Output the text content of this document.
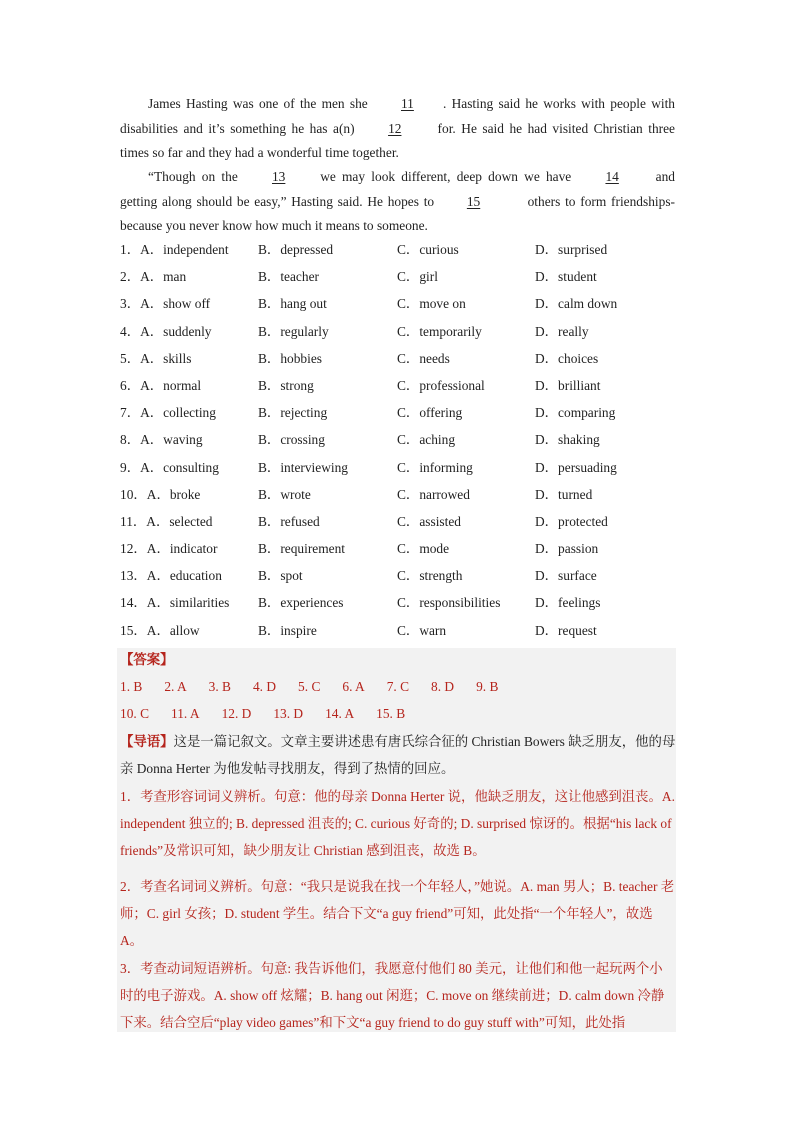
James Hasting was one of the men she 11 . Hasting said he works with people with disabilities and it’s something he has a(n) 12 for. He said he had visited Christian three times so far and they had a wonderful time together.

“Though on the 13 we may look different, deep down we have 14 and getting along should be easy,” Hasting said. He hopes to 15	others to form friendships-because you never know how much it means to someone.

1．A．independent B．depressed	C．curious	D．surprised
2．A．man	B．teacher	C．girl	D．student
3．A．show off	B．hang out	C．move on	D．calm down
4．A．suddenly	B．regularly	C．temporarily	D．really
5．A．skills	B．hobbies	C．needs	D．choices
6．A．normal	B．strong	C．professional	D．brilliant
7．A．collecting	B．rejecting	C．offering	D．comparing
8．A．waving	B．crossing	C．aching	D．shaking
9．A．consulting	B．interviewing	C．informing	D．persuading
10．A．broke	B．wrote	C．narrowed	D．turned
11．A．selected	B．refused	C．assisted	D．protected
12．A．indicator	B．requirement	C．mode	D．passion
13．A．education	B．spot	C．strength	D．surface
14．A．similarities B．experiences	C．responsibilities	D．feelings
15．A．allow	B．inspire	C．warn	D．request
【答案】
1. B 2. A 3. B 4. D 5. C 6. A 7. C 8. D 9. B
10. C 11. A 12. D 13. D 14. A 15. B
【导语】这是一篇记叙文。文章主要讲述患有唐氏综合征的 Christian Bowers 缺乏朋友，他的母亲 Donna Herter 为他发帖寻找朋友，得到了热情的回应。
1．考查形容词词义辨析。句意：他的母亲 Donna Herter 说，他缺乏朋友，这让他感到沮丧。A. independent 独立的; B. depressed 沮丧的; C. curious 好奇的; D. surprised 惊讶的。根据“his lack of friends”及常识可知，缺少朋友让 Christian 感到沮丧，故选 B。
2．考查名词词义辨析。句意：“我只是说我在找一个年轻人，”她说。A. man 男人；B. teacher 老师；C. girl 女孩；D. student 学生。结合下文“a guy friend”可知，此处指“一个年轻人”，故选 A。
3．考查动词短语辨析。句意: 我告诉他们，我愿意付他们 80 美元，让他们和他一起玩两个小时的电子游戏。A. show off 炫耀；B. hang out 闲逛；C. move on 继续前进；D. calm down 冷静下来。结合空后“play video games”和下文“a guy friend to do guy stuff with”可知，此处指
